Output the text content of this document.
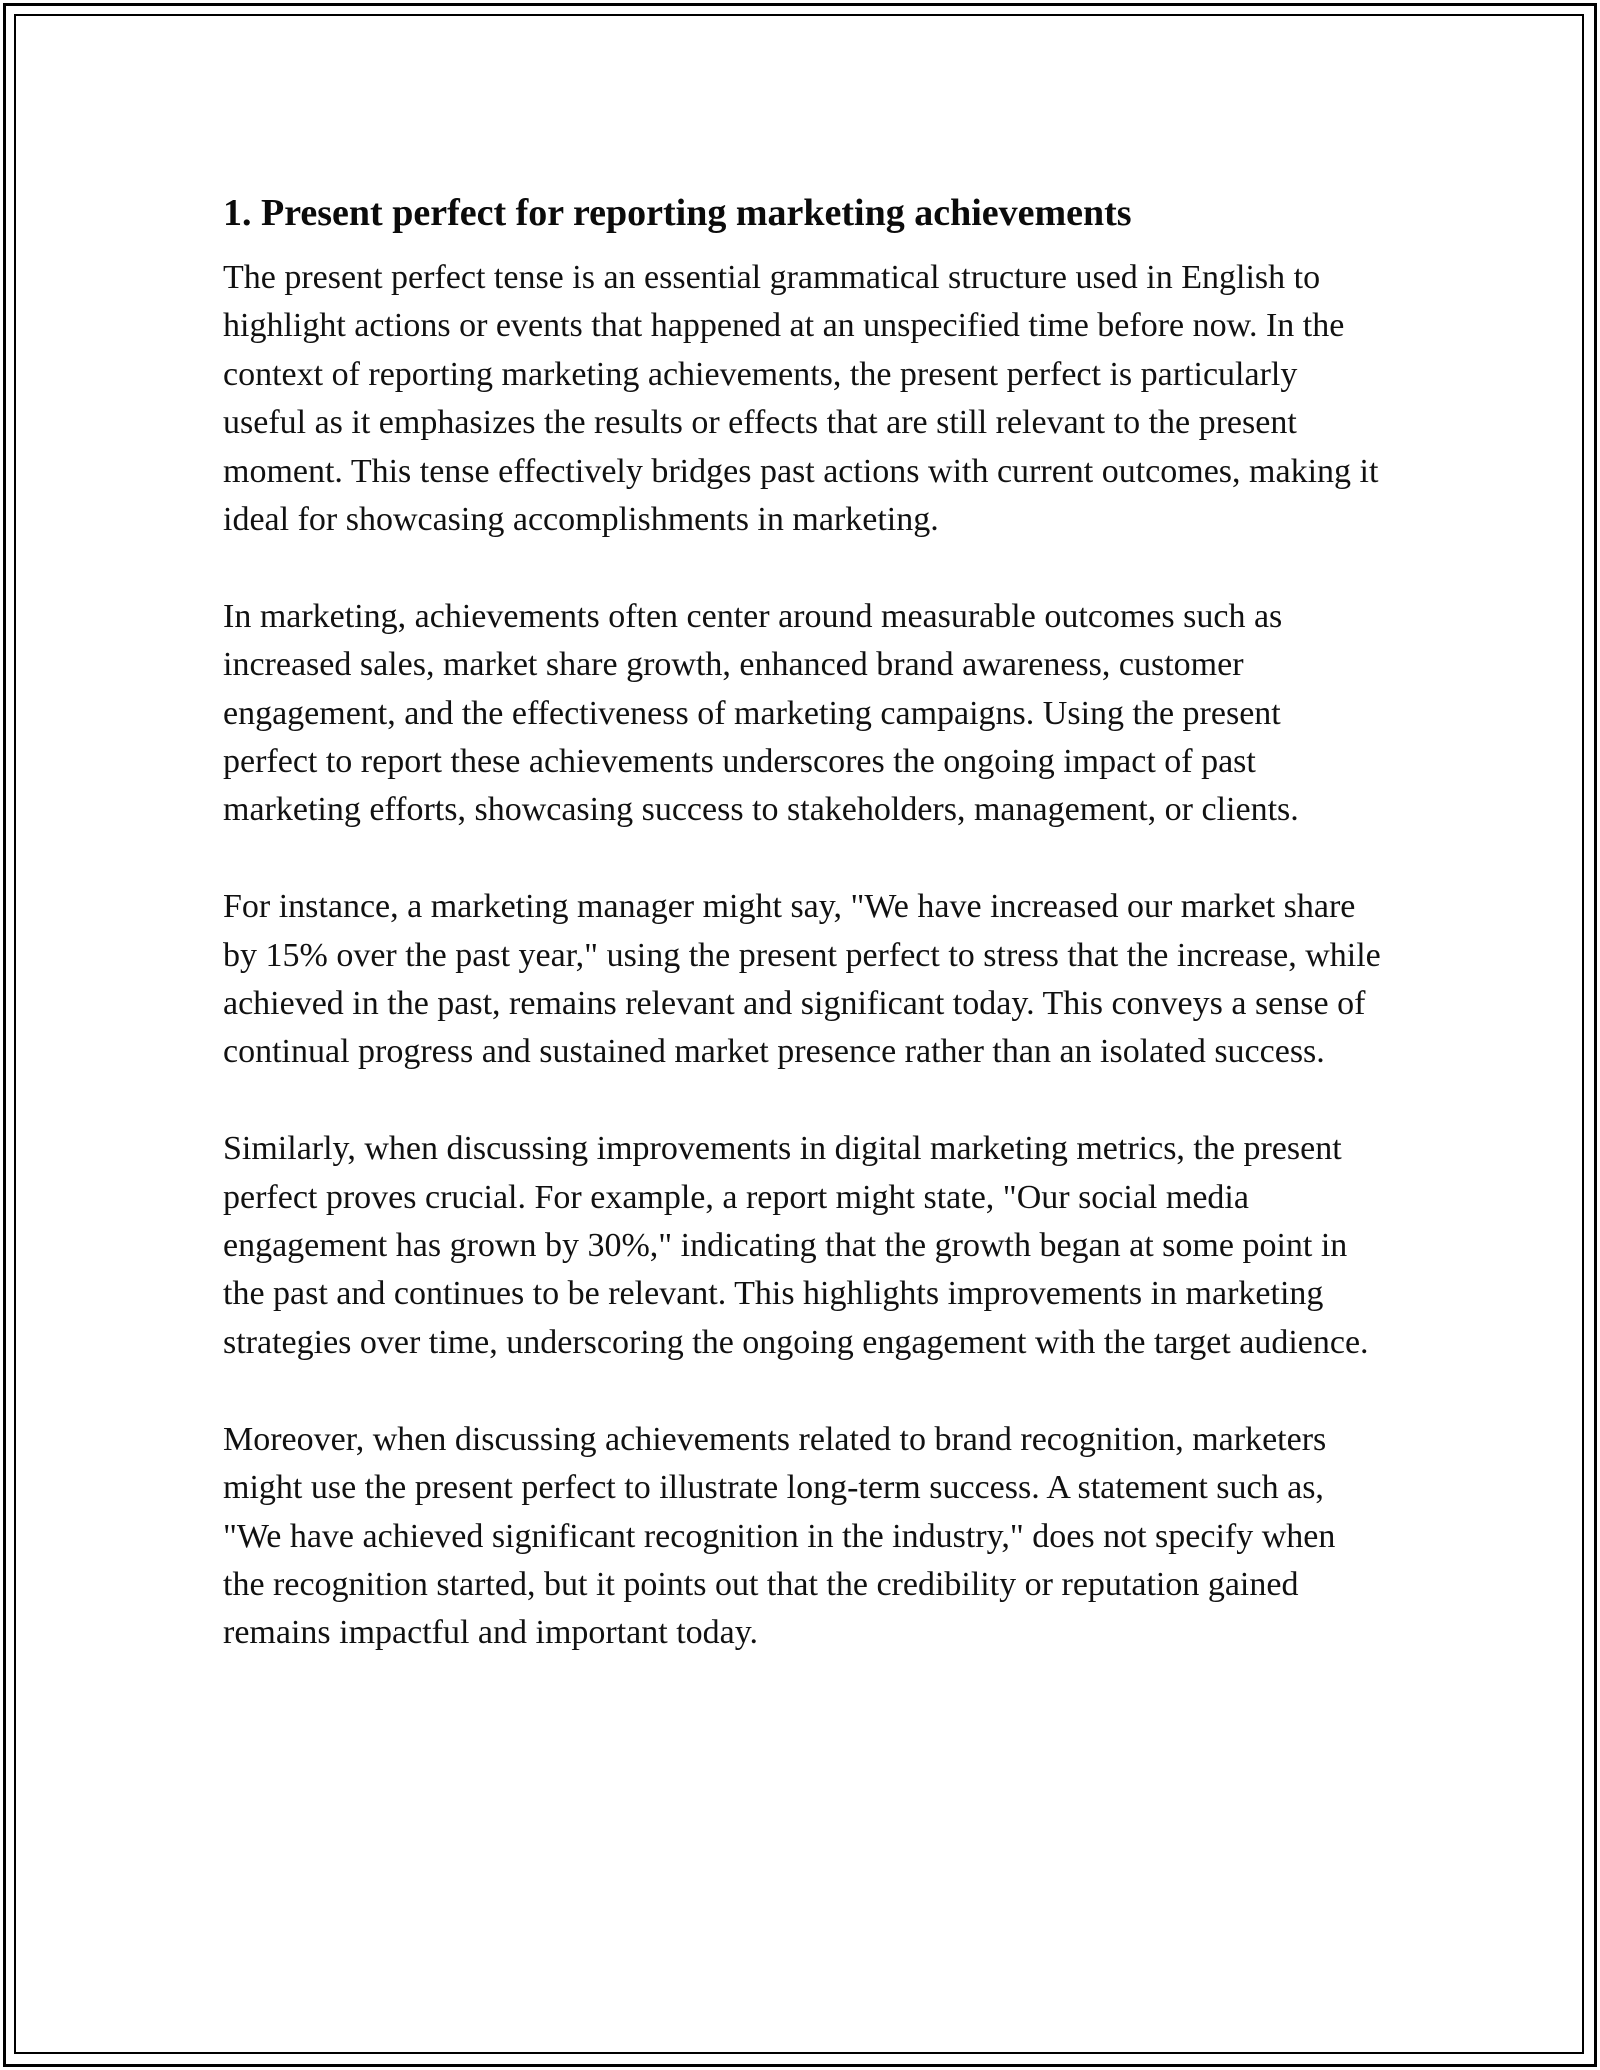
1. Present perfect for reporting marketing achievements

The present perfect tense is an essential grammatical structure used in English to highlight actions or events that happened at an unspecified time before now. In the context of reporting marketing achievements, the present perfect is particularly useful as it emphasizes the results or effects that are still relevant to the present moment. This tense effectively bridges past actions with current outcomes, making it ideal for showcasing accomplishments in marketing.

In marketing, achievements often center around measurable outcomes such as increased sales, market share growth, enhanced brand awareness, customer engagement, and the effectiveness of marketing campaigns. Using the present perfect to report these achievements underscores the ongoing impact of past marketing efforts, showcasing success to stakeholders, management, or clients.

For instance, a marketing manager might say, "We have increased our market share by 15% over the past year," using the present perfect to stress that the increase, while achieved in the past, remains relevant and significant today. This conveys a sense of continual progress and sustained market presence rather than an isolated success.

Similarly, when discussing improvements in digital marketing metrics, the present perfect proves crucial. For example, a report might state, "Our social media engagement has grown by 30%," indicating that the growth began at some point in the past and continues to be relevant. This highlights improvements in marketing strategies over time, underscoring the ongoing engagement with the target audience.

Moreover, when discussing achievements related to brand recognition, marketers might use the present perfect to illustrate long-term success. A statement such as, "We have achieved significant recognition in the industry," does not specify when the recognition started, but it points out that the credibility or reputation gained remains impactful and important today.
